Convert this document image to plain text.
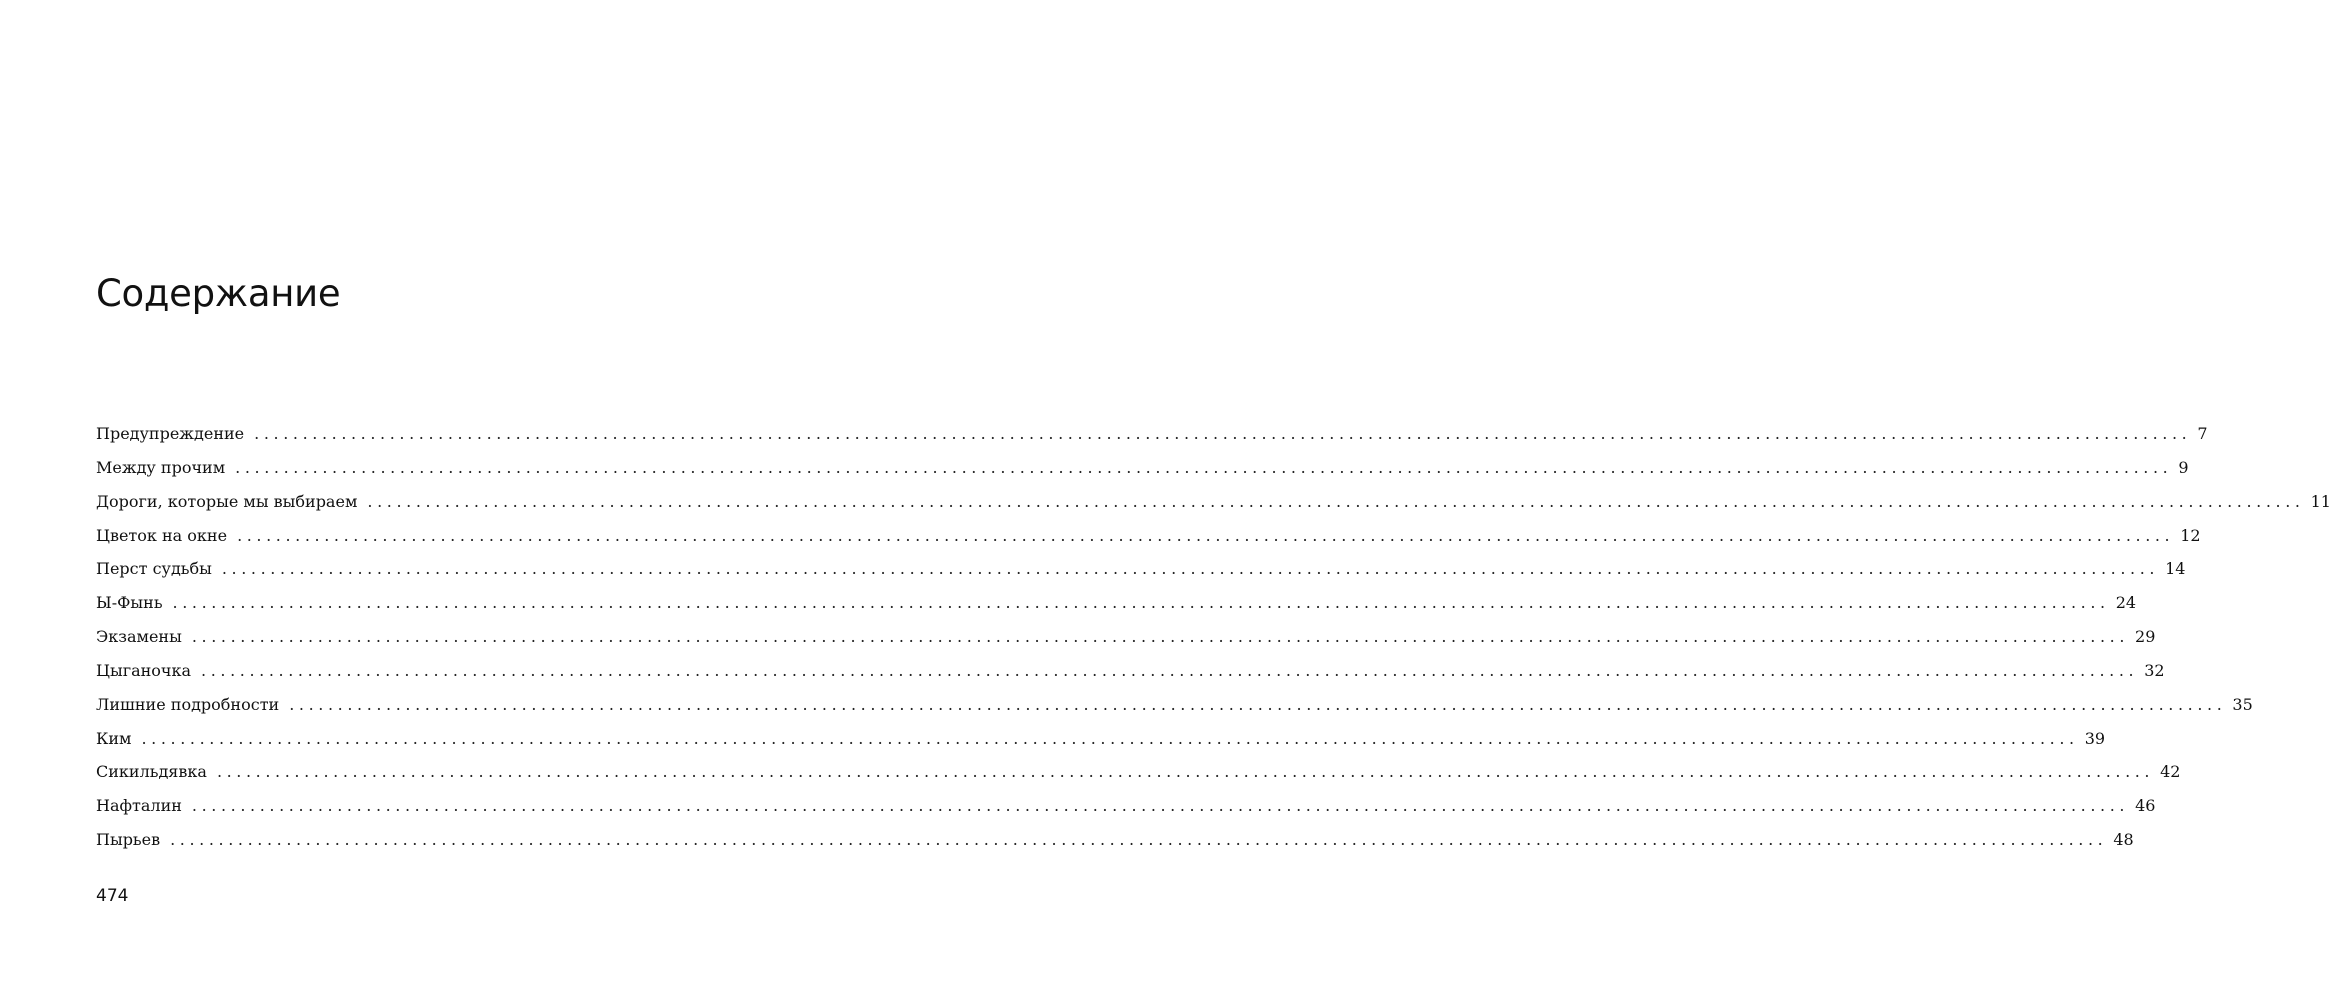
Содержание
Предупреждение ........................................................................................................................................................................................................ 7
Между прочим ........................................................................................................................................................................................................ 9
Дороги, которые мы выбираем ........................................................................................................................................................................................................ 11
Цветок на окне ........................................................................................................................................................................................................ 12
Перст судьбы ........................................................................................................................................................................................................ 14
Ы-Фынь ........................................................................................................................................................................................................ 24
Экзамены ........................................................................................................................................................................................................ 29
Цыганочка ........................................................................................................................................................................................................ 32
Лишние подробности ........................................................................................................................................................................................................ 35
Ким ........................................................................................................................................................................................................ 39
Сикильдявка ........................................................................................................................................................................................................ 42
Нафталин ........................................................................................................................................................................................................ 46
Пырьев ........................................................................................................................................................................................................ 48
474
